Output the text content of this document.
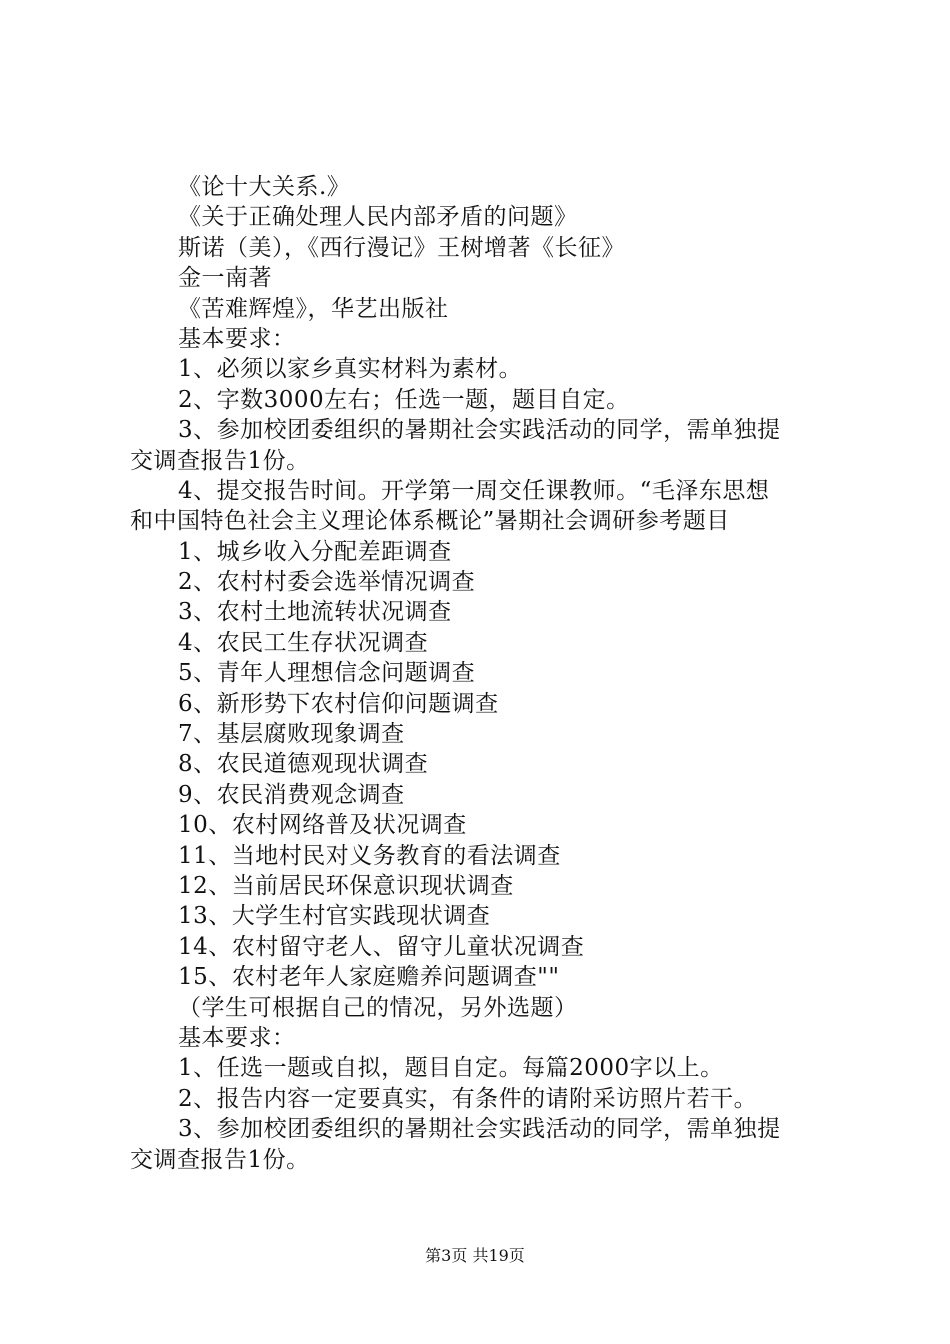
《论十大关系.》
《关于正确处理人民内部矛盾的问题》
斯诺（美），《西行漫记》王树增著《长征》
金一南著
《苦难辉煌》，华艺出版社
基本要求：
1、必须以家乡真实材料为素材。
2、字数3000左右；任选一题，题目自定。
3、参加校团委组织的暑期社会实践活动的同学，需单独提
交调查报告1份。
4、提交报告时间。开学第一周交任课教师。“毛泽东思想
和中国特色社会主义理论体系概论”暑期社会调研参考题目
1、城乡收入分配差距调查
2、农村村委会选举情况调查
3、农村土地流转状况调查
4、农民工生存状况调查
5、青年人理想信念问题调查
6、新形势下农村信仰问题调查
7、基层腐败现象调查
8、农民道德观现状调查
9、农民消费观念调查
10、农村网络普及状况调查
11、当地村民对义务教育的看法调查
12、当前居民环保意识现状调查
13、大学生村官实践现状调查
14、农村留守老人、留守儿童状况调查
15、农村老年人家庭赡养问题调查""
（学生可根据自己的情况，另外选题）
基本要求：
1、任选一题或自拟，题目自定。每篇2000字以上。
2、报告内容一定要真实，有条件的请附采访照片若干。
3、参加校团委组织的暑期社会实践活动的同学，需单独提
交调查报告1份。
第3页 共19页
